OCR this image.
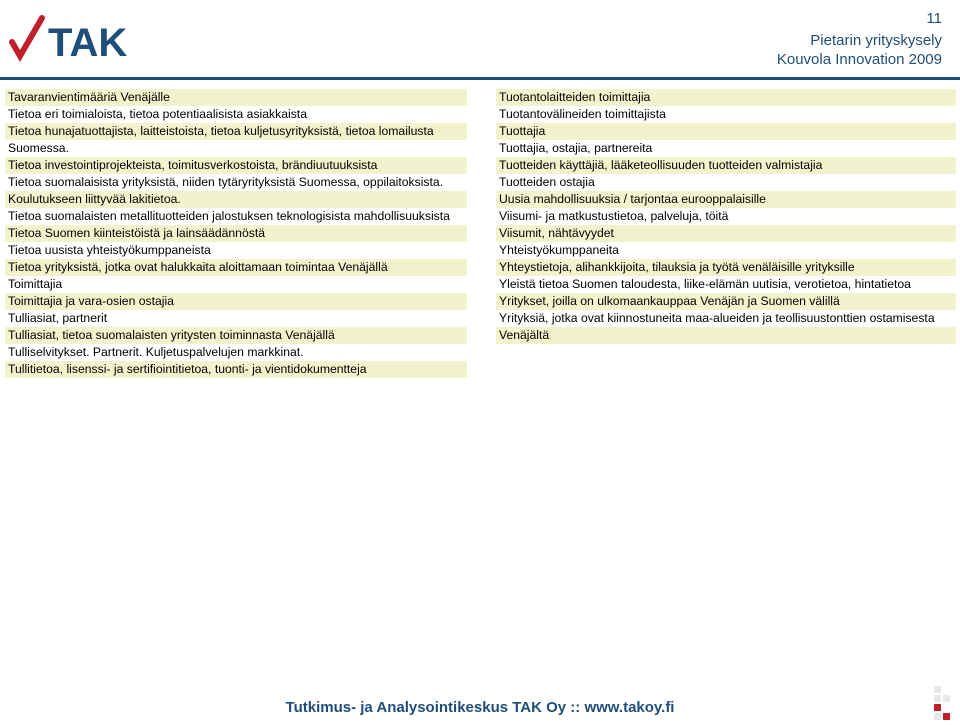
TAK
11
Pietarin yrityskysely
Kouvola Innovation 2009
Tavaranvientimääriä Venäjälle
Tietoa eri toimialoista, tietoa potentiaalisista asiakkaista
Tietoa hunajatuottajista, laitteistoista, tietoa kuljetusyrityksistä, tietoa lomailusta
Suomessa.
Tietoa investointiprojekteista, toimitusverkostoista, brändiuutuuksista
Tietoa suomalaisista yrityksistä, niiden tytäryrityksistä Suomessa, oppilaitoksista.
Koulutukseen liittyvää lakitietoa.
Tietoa suomalaisten metallituotteiden jalostuksen teknologisista mahdollisuuksista
Tietoa Suomen kiinteistöistä ja lainsäädännöstä
Tietoa uusista yhteistyökumppaneista
Tietoa yrityksistä, jotka ovat halukkaita aloittamaan toimintaa Venäjällä
Toimittajia
Toimittajia ja vara-osien ostajia
Tulliasiat, partnerit
Tulliasiat, tietoa suomalaisten yritysten toiminnasta Venäjällä
Tulliselvitykset. Partnerit. Kuljetuspalvelujen markkinat.
Tullitietoa, lisenssi- ja sertifiointitietoa, tuonti- ja vientidokumentteja
Tuotantolaitteiden toimittajia
Tuotantovälineiden toimittajista
Tuottajia
Tuottajia, ostajia, partnereita
Tuotteiden käyttäjiä, lääketeollisuuden tuotteiden valmistajia
Tuotteiden ostajia
Uusia mahdollisuuksia / tarjontaa eurooppalaisille
Viisumi- ja matkustustietoa, palveluja, töitä
Viisumit, nähtävyydet
Yhteistyökumppaneita
Yhteystietoja, alihankkijoita, tilauksia ja työtä venäläisille yrityksille
Yleistä tietoa Suomen taloudesta, liike-elämän uutisia, verotietoa, hintatietoa
Yritykset, joilla on ulkomaankauppaa Venäjän ja Suomen välillä
Yrityksiä, jotka ovat kiinnostuneita maa-alueiden ja teollisuustonttien ostamisesta
Venäjältä
Tutkimus- ja Analysointikeskus TAK Oy :: www.takoy.fi
